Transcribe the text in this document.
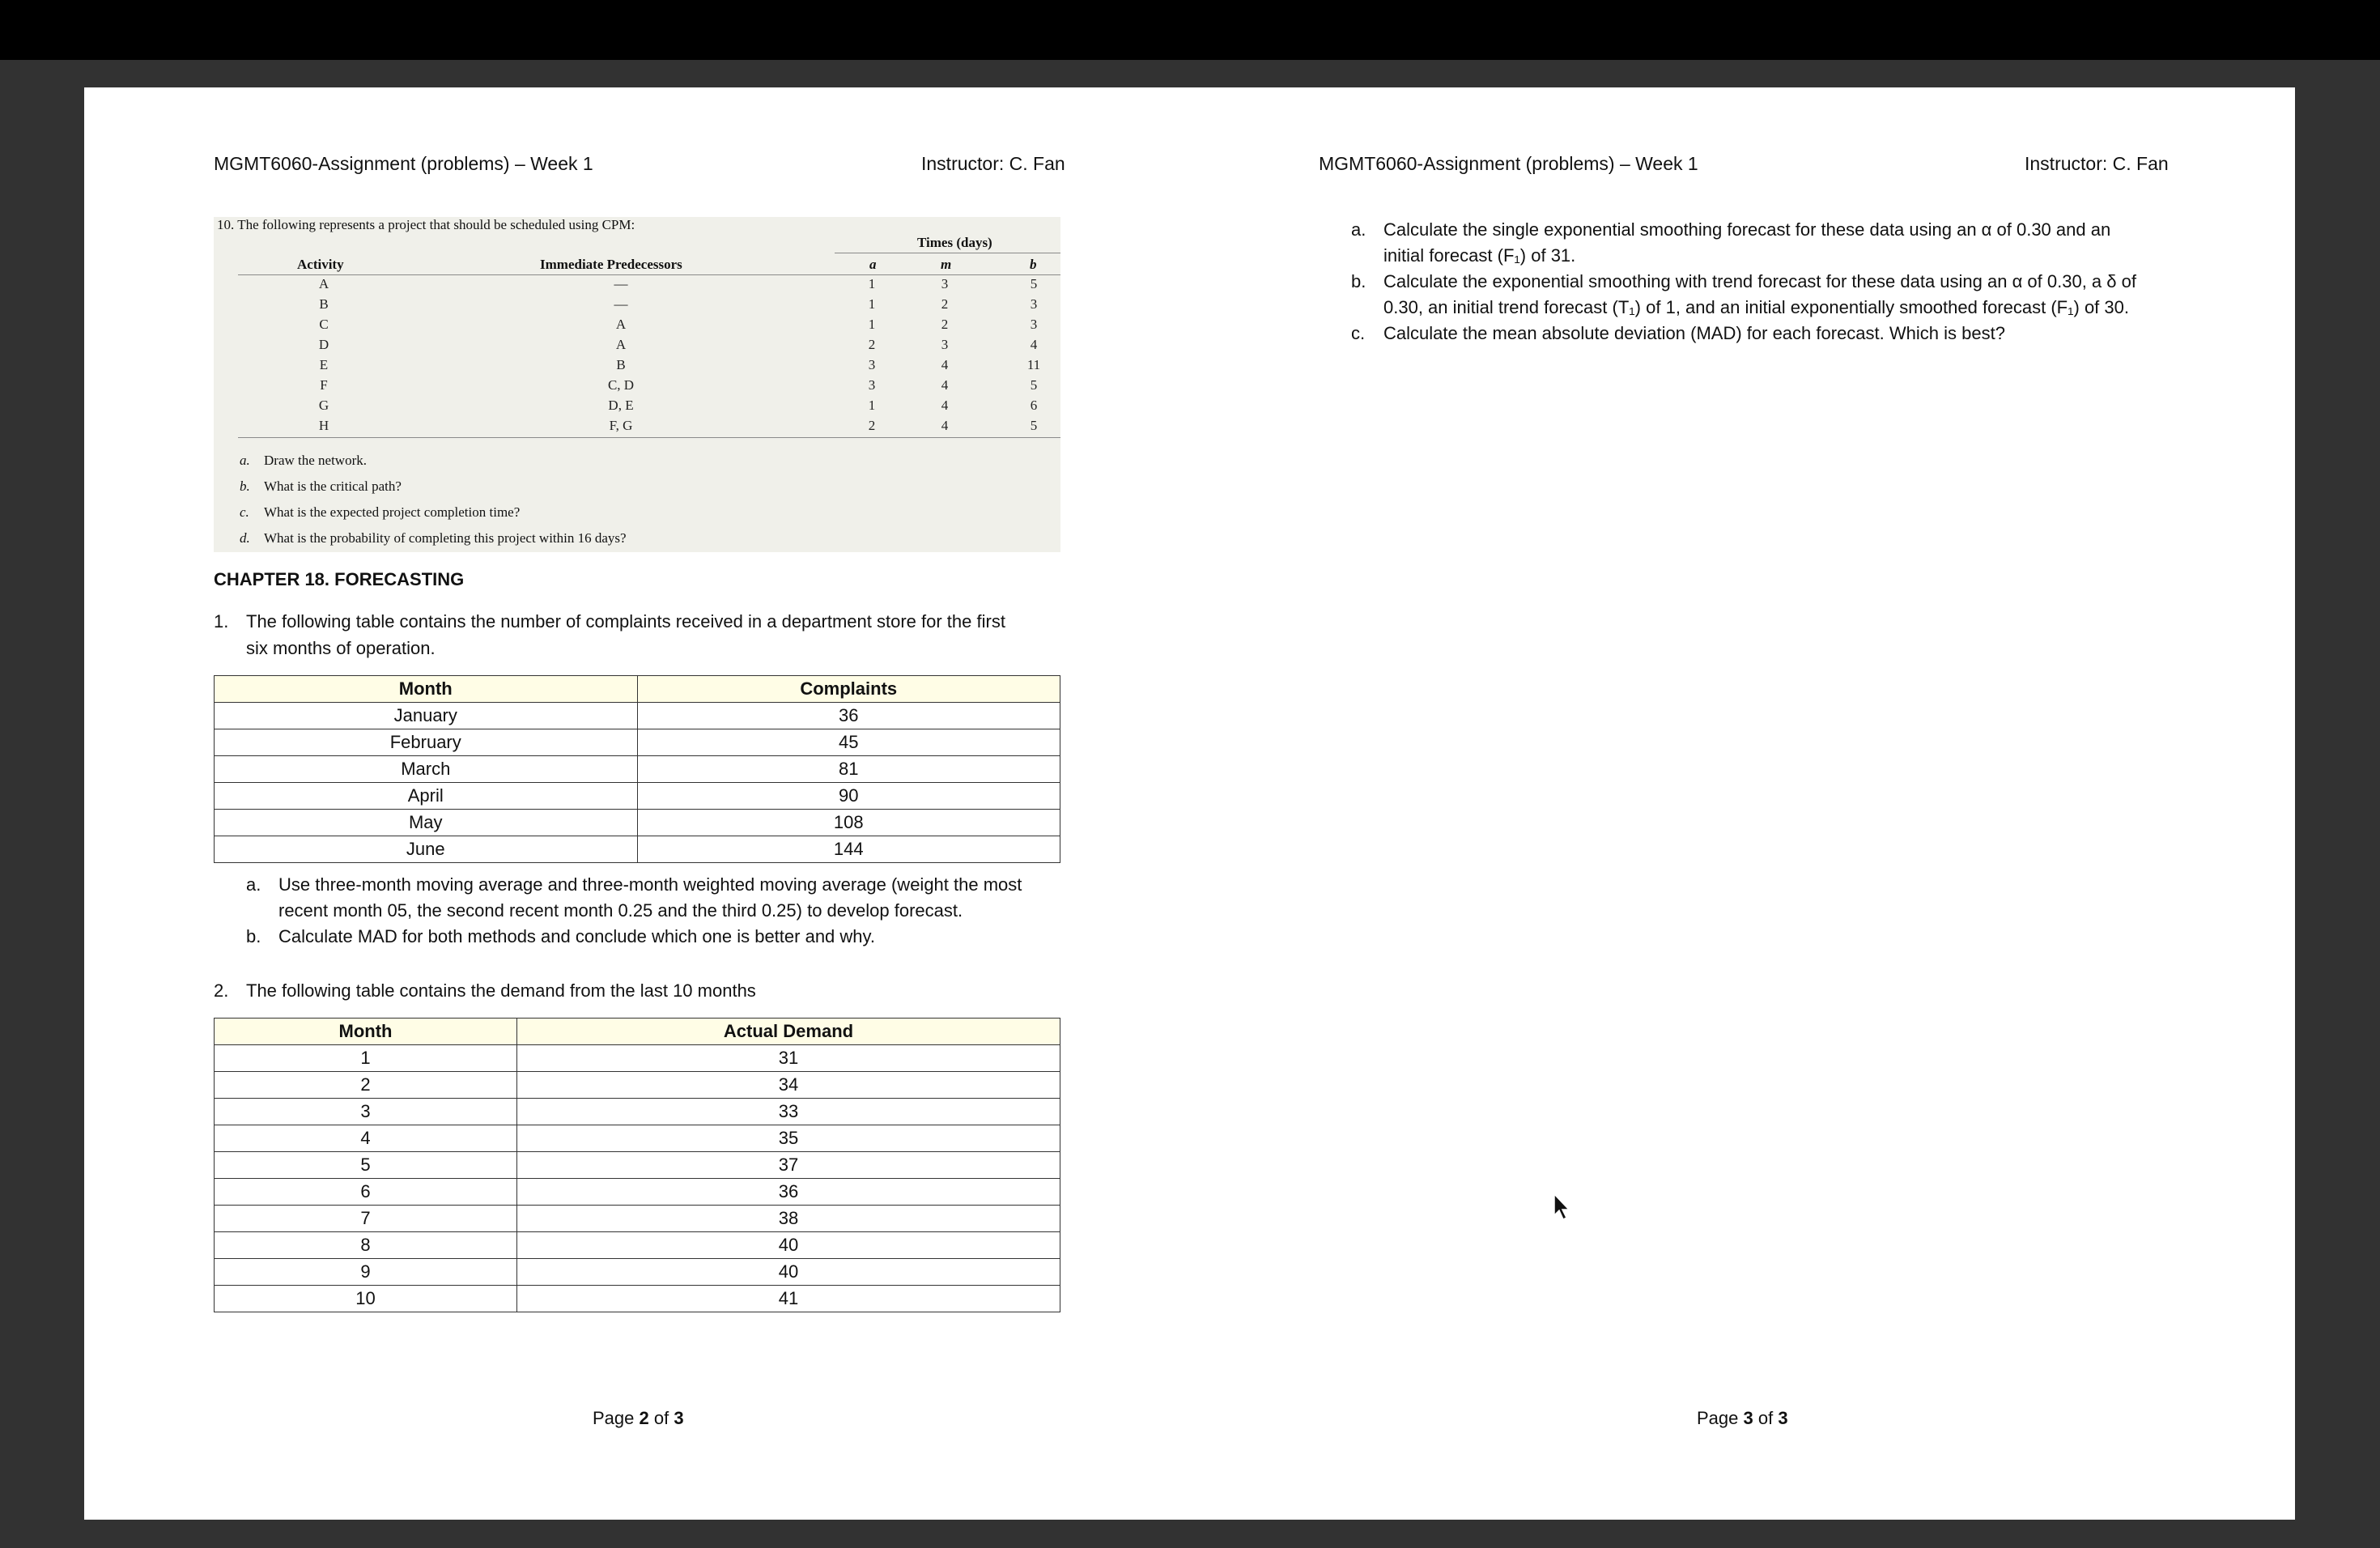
MGMT6060-Assignment (problems) – Week 1	Instructor: C. Fan
10. The following represents a project that should be scheduled using CPM:
Times (days)
Activity	Immediate Predecessors	a	m	b
A	—	1	3	5
B	—	1	2	3
C	A	1	2	3
D	A	2	3	4
E	B	3	4	11
F	C, D	3	4	5
G	D, E	1	4	6
H	F, G	2	4	5
a. Draw the network.
b. What is the critical path?
c. What is the expected project completion time?
d. What is the probability of completing this project within 16 days?
CHAPTER 18. FORECASTING
1. The following table contains the number of complaints received in a department store for the first
six months of operation.
Month	Complaints
January	36
February	45
March	81
April	90
May	108
June	144
a. Use three-month moving average and three-month weighted moving average (weight the most
recent month 05, the second recent month 0.25 and the third 0.25) to develop forecast.
b. Calculate MAD for both methods and conclude which one is better and why.
2. The following table contains the demand from the last 10 months
Month	Actual Demand
1	31
2	34
3	33
4	35
5	37
6	36
7	38
8	40
9	40
10	41
Page 2 of 3
MGMT6060-Assignment (problems) – Week 1	Instructor: C. Fan
a. Calculate the single exponential smoothing forecast for these data using an α of 0.30 and an
initial forecast (F₁) of 31.
b. Calculate the exponential smoothing with trend forecast for these data using an α of 0.30, a δ of
0.30, an initial trend forecast (T₁) of 1, and an initial exponentially smoothed forecast (F₁) of 30.
c. Calculate the mean absolute deviation (MAD) for each forecast. Which is best?
Page 3 of 3
